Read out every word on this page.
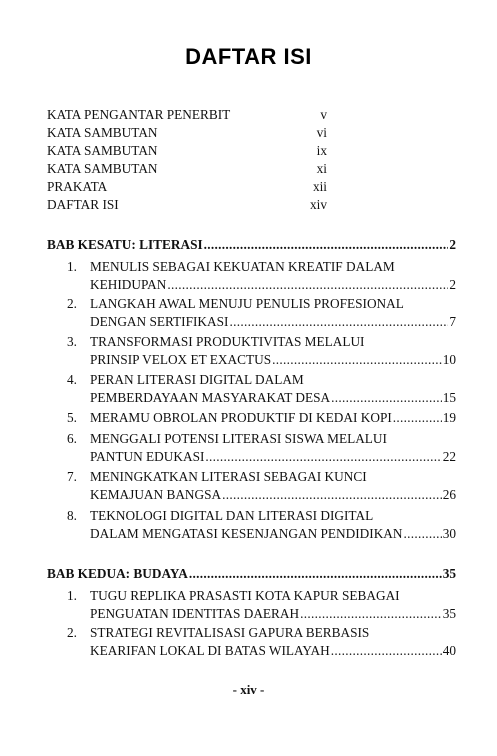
DAFTAR ISI
KATA PENGANTAR PENERBIT	v
KATA SAMBUTAN	vi
KATA SAMBUTAN	ix
KATA SAMBUTAN	xi
PRAKATA	xii
DAFTAR ISI	xiv
BAB KESATU: LITERASI .....	2
1. MENULIS SEBAGAI KEKUATAN KREATIF DALAM
KEHIDUPAN .....	2
2. LANGKAH AWAL MENUJU PENULIS PROFESIONAL
DENGAN SERTIFIKASI .....	7
3. TRANSFORMASI PRODUKTIVITAS MELALUI
PRINSIP VELOX ET EXACTUS .....	10
4. PERAN LITERASI DIGITAL DALAM
PEMBERDAYAAN MASYARAKAT DESA .....	15
5. MERAMU OBROLAN PRODUKTIF DI KEDAI KOPI .....	19
6. MENGGALI POTENSI LITERASI SISWA MELALUI
PANTUN EDUKASI .....	22
7. MENINGKATKAN LITERASI SEBAGAI KUNCI
KEMAJUAN BANGSA .....	26
8. TEKNOLOGI DIGITAL DAN LITERASI DIGITAL
DALAM MENGATASI KESENJANGAN PENDIDIKAN .....	30
BAB KEDUA: BUDAYA .....	35
1. TUGU REPLIKA PRASASTI KOTA KAPUR SEBAGAI
PENGUATAN IDENTITAS DAERAH .....	35
2. STRATEGI REVITALISASI GAPURA BERBASIS
KEARIFAN LOKAL DI BATAS WILAYAH .....	40
- xiv -
